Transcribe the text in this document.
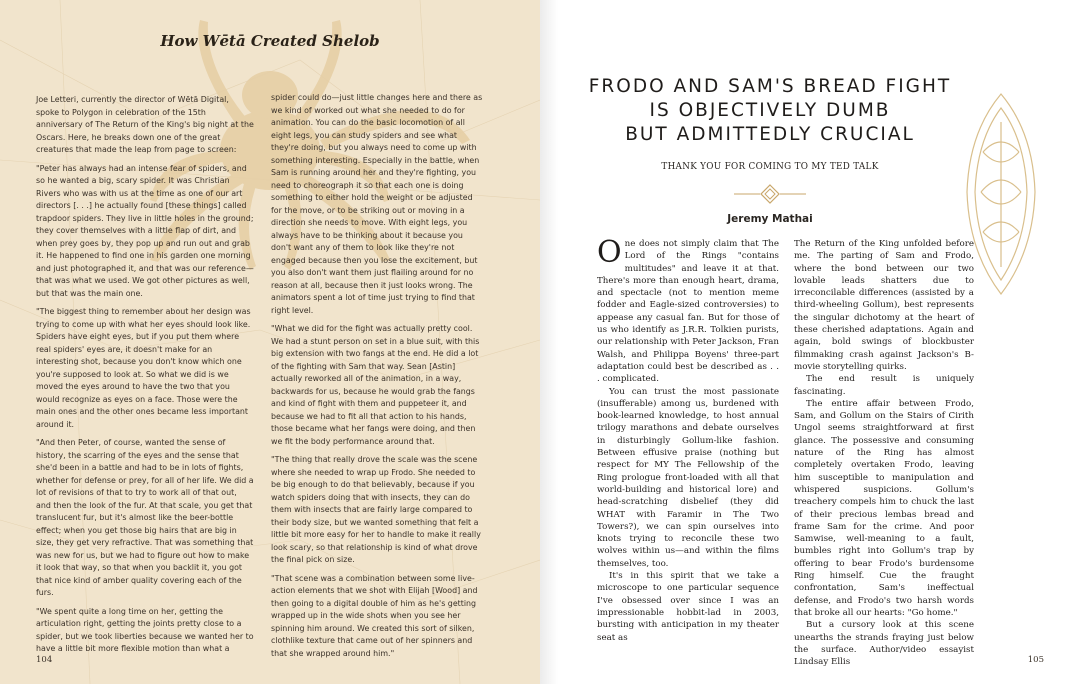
How Wētā Created Shelob

Joe Letteri, currently the director of Wētā Digital, spoke to Polygon in celebration of the 15th anniversary of The Return of the King's big night at the Oscars. Here, he breaks down one of the great creatures that made the leap from page to screen:

"Peter has always had an intense fear of spiders, and so he wanted a big, scary spider. It was Christian Rivers who was with us at the time as one of our art directors [. . .] he actually found [these things] called trapdoor spiders. They live in little holes in the ground; they cover themselves with a little flap of dirt, and when prey goes by, they pop up and run out and grab it. He happened to find one in his garden one morning and just photographed it, and that was our reference—that was what we used. We got other pictures as well, but that was the main one.

"The biggest thing to remember about her design was trying to come up with what her eyes should look like. Spiders have eight eyes, but if you put them where real spiders' eyes are, it doesn't make for an interesting shot, because you don't know which one you're supposed to look at. So what we did is we moved the eyes around to have the two that you would recognize as eyes on a face. Those were the main ones and the other ones became less important around it.

"And then Peter, of course, wanted the sense of history, the scarring of the eyes and the sense that she'd been in a battle and had to be in lots of fights, whether for defense or prey, for all of her life. We did a lot of revisions of that to try to work all of that out, and then the look of the fur. At that scale, you get that translucent fur, but it's almost like the beer-bottle effect; when you get those big hairs that are big in size, they get very refractive. That was something that was new for us, but we had to figure out how to make it look that way, so that when you backlit it, you got that nice kind of amber quality covering each of the furs.

"We spent quite a long time on her, getting the articulation right, getting the joints pretty close to a spider, but we took liberties because we wanted her to have a little bit more flexible motion than what a

spider could do—just little changes here and there as we kind of worked out what she needed to do for animation. You can do the basic locomotion of all eight legs, you can study spiders and see what they're doing, but you always need to come up with something interesting. Especially in the battle, when Sam is running around her and they're fighting, you need to choreograph it so that each one is doing something to either hold the weight or be adjusted for the move, or to be striking out or moving in a direction she needs to move. With eight legs, you always have to be thinking about it because you don't want any of them to look like they're not engaged because then you lose the excitement, but you also don't want them just flailing around for no reason at all, because then it just looks wrong. The animators spent a lot of time just trying to find that right level.

"What we did for the fight was actually pretty cool. We had a stunt person on set in a blue suit, with this big extension with two fangs at the end. He did a lot of the fighting with Sam that way. Sean [Astin] actually reworked all of the animation, in a way, backwards for us, because he would grab the fangs and kind of fight with them and puppeteer it, and because we had to fit all that action to his hands, those became what her fangs were doing, and then we fit the body performance around that.

"The thing that really drove the scale was the scene where she needed to wrap up Frodo. She needed to be big enough to do that believably, because if you watch spiders doing that with insects, they can do them with insects that are fairly large compared to their body size, but we wanted something that felt a little bit more easy for her to handle to make it really look scary, so that relationship is kind of what drove the final pick on size.

"That scene was a combination between some live-action elements that we shot with Elijah [Wood] and then going to a digital double of him as he's getting wrapped up in the wide shots when you see her spinning him around. We created this sort of silken, clothlike texture that came out of her spinners and that she wrapped around him."

104
FRODO AND SAM'S BREAD FIGHT
IS OBJECTIVELY DUMB
BUT ADMITTEDLY CRUCIAL
THANK YOU FOR COMING TO MY TED TALK
Jeremy Mathai

One does not simply claim that The Lord of the Rings "contains multitudes" and leave it at that. There's more than enough heart, drama, and spectacle (not to mention meme fodder and Eagle-sized controversies) to appease any casual fan. But for those of us who identify as J.R.R. Tolkien purists, our relationship with Peter Jackson, Fran Walsh, and Philippa Boyens' three-part adaptation could best be described as . . . complicated.

You can trust the most passionate (insufferable) among us, burdened with book-learned knowledge, to host annual trilogy marathons and debate ourselves in disturbingly Gollum-like fashion. Between effusive praise (nothing but respect for MY The Fellowship of the Ring prologue front-loaded with all that world-building and historical lore) and head-scratching disbelief (they did WHAT with Faramir in The Two Towers?), we can spin ourselves into knots trying to reconcile these two wolves within us—and within the films themselves, too.

It's in this spirit that we take a microscope to one particular sequence I've obsessed over since I was an impressionable hobbit-lad in 2003, bursting with anticipation in my theater seat as

The Return of the King unfolded before me. The parting of Sam and Frodo, where the bond between our two lovable leads shatters due to irreconcilable differences (assisted by a third-wheeling Gollum), best represents the singular dichotomy at the heart of these cherished adaptations. Again and again, bold swings of blockbuster filmmaking crash against Jackson's B-movie storytelling quirks.

The end result is uniquely fascinating.

The entire affair between Frodo, Sam, and Gollum on the Stairs of Cirith Ungol seems straightforward at first glance. The possessive and consuming nature of the Ring has almost completely overtaken Frodo, leaving him susceptible to manipulation and whispered suspicions. Gollum's treachery compels him to chuck the last of their precious lembas bread and frame Sam for the crime. And poor Samwise, well-meaning to a fault, bumbles right into Gollum's trap by offering to bear Frodo's burdensome Ring himself. Cue the fraught confrontation, Sam's ineffectual defense, and Frodo's two harsh words that broke all our hearts: "Go home."

But a cursory look at this scene unearths the strands fraying just below the surface. Author/video essayist Lindsay Ellis	105
